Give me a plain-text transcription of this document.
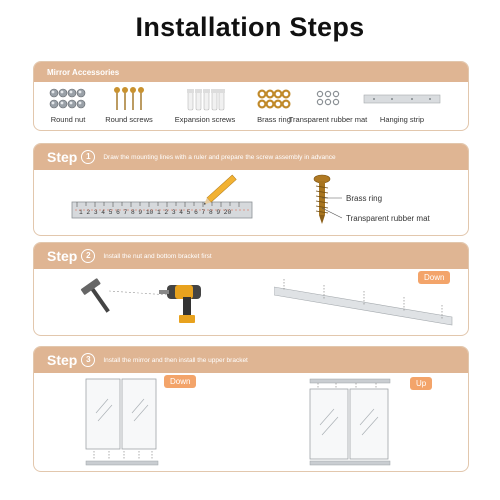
Installation Steps
Mirror Accessories
Round nut	Round screws	Expansion screws	Brass ring
Transparent rubber mat Hanging strip
Step	1	Draw the mounting lines with a ruler and prepare the screw assembly in advance
1 2 3 4 5 6 7 8 9 10 1 2 3 4 5 6 7 8 9 20
Brass ring
Transparent rubber mat
Step	2	Install the nut and bottom bracket first
Down
Step	3	Install the mirror and then install the upper bracket
Down	Up
